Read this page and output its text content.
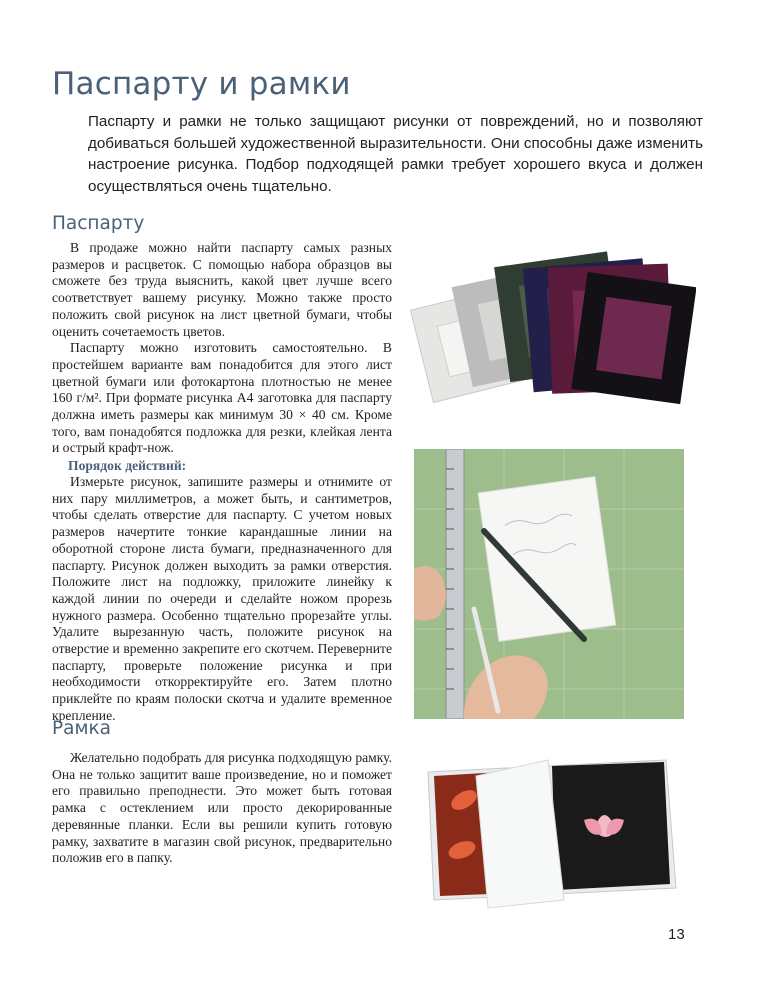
Паспарту и рамки

Паспарту и рамки не только защищают рисунки от повреждений, но и позволяют добиваться большей художественной выразительности. Они способны даже изменить настроение рисунка. Подбор подходящей рамки требует хорошего вкуса и должен осуществляться очень тщательно.

Паспарту

В продаже можно найти паспарту самых разных размеров и расцветок. С помощью набора образцов вы сможете без труда выяснить, какой цвет лучше всего соответствует вашему рисунку. Можно также просто положить свой рисунок на лист цветной бумаги, чтобы оценить сочетаемость цветов.

Паспарту можно изготовить самостоятельно. В простейшем варианте вам понадобится для этого лист цветной бумаги или фотокартона плотностью не менее 160 г/м². При формате рисунка А4 заготовка для паспарту должна иметь размеры как минимум 30 × 40 см. Кроме того, вам понадобятся подложка для резки, клейкая лента и острый крафт-нож.

Порядок действий:

Измерьте рисунок, запишите размеры и отнимите от них пару миллиметров, а может быть, и сантиметров, чтобы сделать отверстие для паспарту. С учетом новых размеров начертите тонкие карандашные линии на оборотной стороне листа бумаги, предназначенного для паспарту. Рисунок должен выходить за рамки отверстия. Положите лист на подложку, приложите линейку к каждой линии по очереди и сделайте ножом прорезь нужного размера. Особенно тщательно прорезайте углы. Удалите вырезанную часть, положите рисунок на отверстие и временно закрепите его скотчем. Переверните паспарту, проверьте положение рисунка и при необходимости откорректируйте его. Затем плотно приклейте по краям полоски скотча и удалите временное крепление.

Рамка

Желательно подобрать для рисунка подходящую рамку. Она не только защитит ваше произведение, но и поможет его правильно преподнести. Это может быть готовая рамка с остеклением или просто декорированные деревянные планки. Если вы решили купить готовую рамку, захватите в магазин свой рисунок, предварительно положив его в папку.

13
